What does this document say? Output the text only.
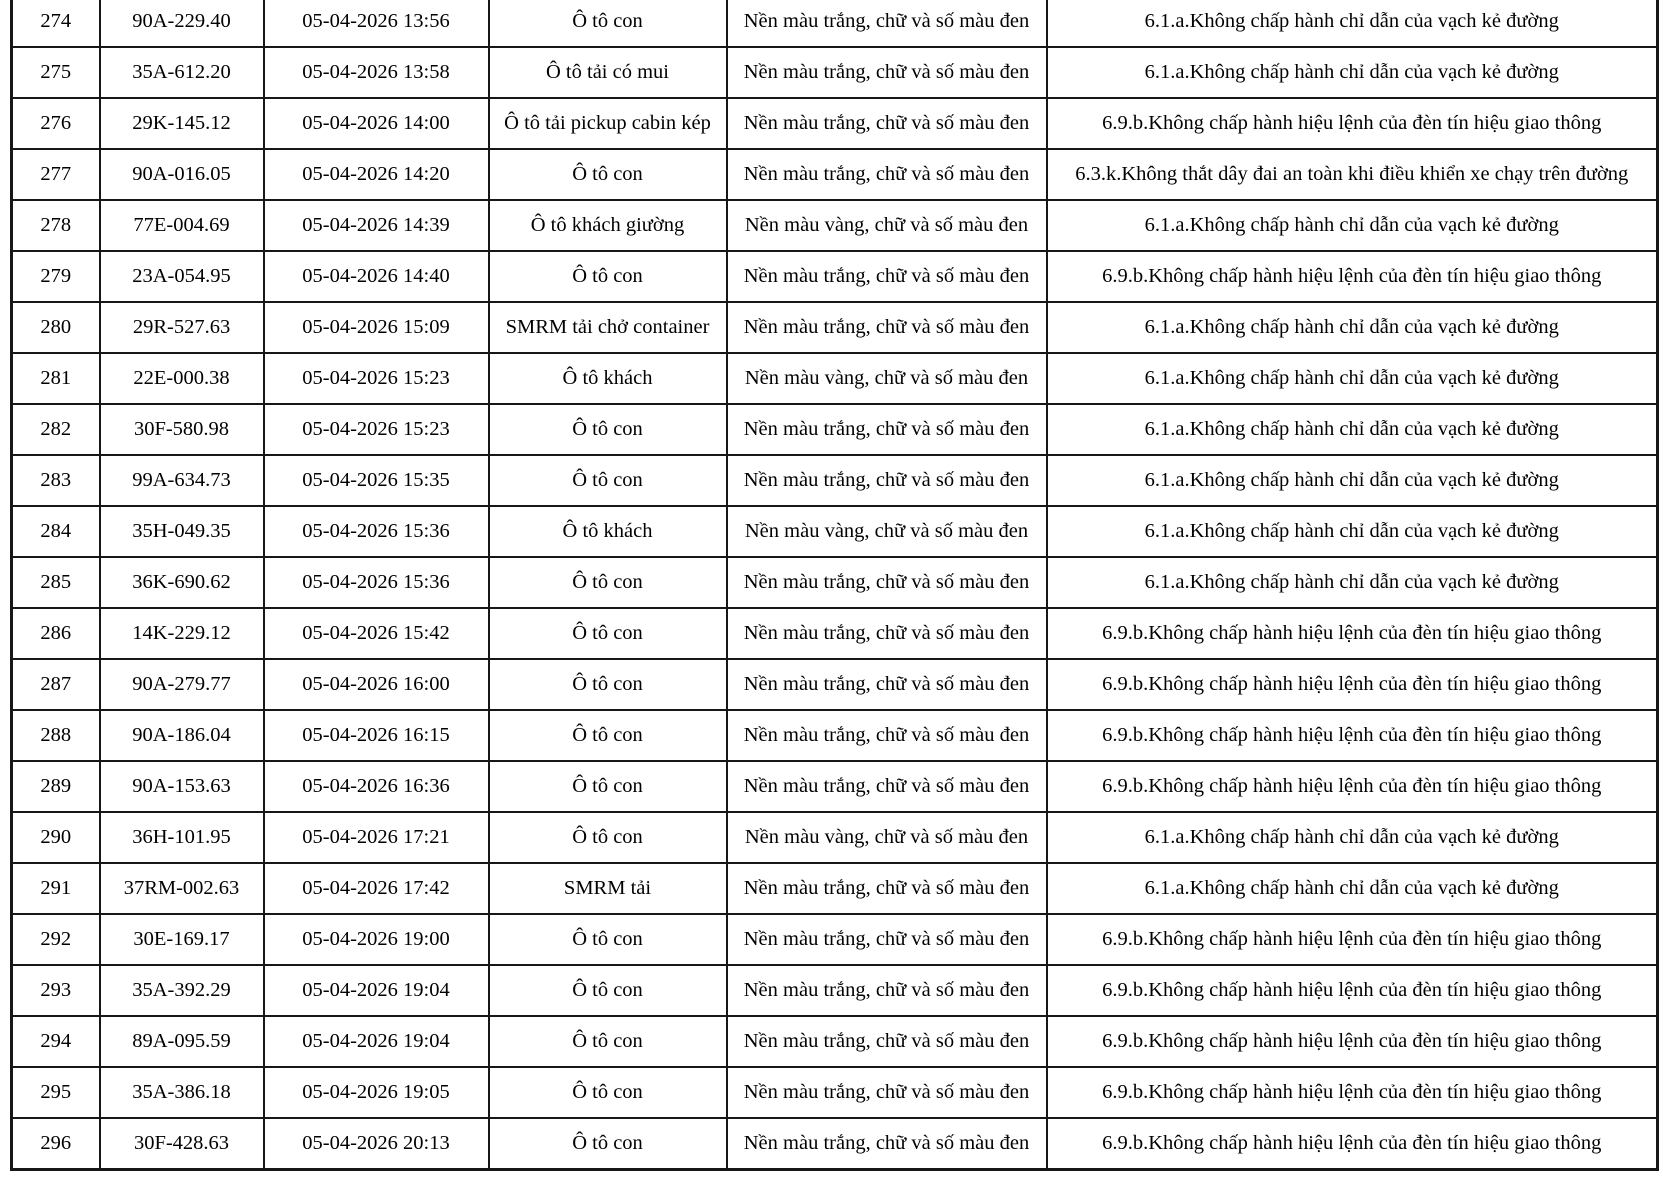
274	90A-229.40	05-04-2026 13:56	Ô tô con	Nền màu trắng, chữ và số màu đen	6.1.a.Không chấp hành chỉ dẫn của vạch kẻ đường
275	35A-612.20	05-04-2026 13:58	Ô tô tải có mui	Nền màu trắng, chữ và số màu đen	6.1.a.Không chấp hành chỉ dẫn của vạch kẻ đường
276	29K-145.12	05-04-2026 14:00	Ô tô tải pickup cabin kép	Nền màu trắng, chữ và số màu đen	6.9.b.Không chấp hành hiệu lệnh của đèn tín hiệu giao thông
277	90A-016.05	05-04-2026 14:20	Ô tô con	Nền màu trắng, chữ và số màu đen	6.3.k.Không thắt dây đai an toàn khi điều khiển xe chạy trên đường
278	77E-004.69	05-04-2026 14:39	Ô tô khách giường	Nền màu vàng, chữ và số màu đen	6.1.a.Không chấp hành chỉ dẫn của vạch kẻ đường
279	23A-054.95	05-04-2026 14:40	Ô tô con	Nền màu trắng, chữ và số màu đen	6.9.b.Không chấp hành hiệu lệnh của đèn tín hiệu giao thông
280	29R-527.63	05-04-2026 15:09	SMRM tải chở container	Nền màu trắng, chữ và số màu đen	6.1.a.Không chấp hành chỉ dẫn của vạch kẻ đường
281	22E-000.38	05-04-2026 15:23	Ô tô khách	Nền màu vàng, chữ và số màu đen	6.1.a.Không chấp hành chỉ dẫn của vạch kẻ đường
282	30F-580.98	05-04-2026 15:23	Ô tô con	Nền màu trắng, chữ và số màu đen	6.1.a.Không chấp hành chỉ dẫn của vạch kẻ đường
283	99A-634.73	05-04-2026 15:35	Ô tô con	Nền màu trắng, chữ và số màu đen	6.1.a.Không chấp hành chỉ dẫn của vạch kẻ đường
284	35H-049.35	05-04-2026 15:36	Ô tô khách	Nền màu vàng, chữ và số màu đen	6.1.a.Không chấp hành chỉ dẫn của vạch kẻ đường
285	36K-690.62	05-04-2026 15:36	Ô tô con	Nền màu trắng, chữ và số màu đen	6.1.a.Không chấp hành chỉ dẫn của vạch kẻ đường
286	14K-229.12	05-04-2026 15:42	Ô tô con	Nền màu trắng, chữ và số màu đen	6.9.b.Không chấp hành hiệu lệnh của đèn tín hiệu giao thông
287	90A-279.77	05-04-2026 16:00	Ô tô con	Nền màu trắng, chữ và số màu đen	6.9.b.Không chấp hành hiệu lệnh của đèn tín hiệu giao thông
288	90A-186.04	05-04-2026 16:15	Ô tô con	Nền màu trắng, chữ và số màu đen	6.9.b.Không chấp hành hiệu lệnh của đèn tín hiệu giao thông
289	90A-153.63	05-04-2026 16:36	Ô tô con	Nền màu trắng, chữ và số màu đen	6.9.b.Không chấp hành hiệu lệnh của đèn tín hiệu giao thông
290	36H-101.95	05-04-2026 17:21	Ô tô con	Nền màu vàng, chữ và số màu đen	6.1.a.Không chấp hành chỉ dẫn của vạch kẻ đường
291	37RM-002.63	05-04-2026 17:42	SMRM tải	Nền màu trắng, chữ và số màu đen	6.1.a.Không chấp hành chỉ dẫn của vạch kẻ đường
292	30E-169.17	05-04-2026 19:00	Ô tô con	Nền màu trắng, chữ và số màu đen	6.9.b.Không chấp hành hiệu lệnh của đèn tín hiệu giao thông
293	35A-392.29	05-04-2026 19:04	Ô tô con	Nền màu trắng, chữ và số màu đen	6.9.b.Không chấp hành hiệu lệnh của đèn tín hiệu giao thông
294	89A-095.59	05-04-2026 19:04	Ô tô con	Nền màu trắng, chữ và số màu đen	6.9.b.Không chấp hành hiệu lệnh của đèn tín hiệu giao thông
295	35A-386.18	05-04-2026 19:05	Ô tô con	Nền màu trắng, chữ và số màu đen	6.9.b.Không chấp hành hiệu lệnh của đèn tín hiệu giao thông
296	30F-428.63	05-04-2026 20:13	Ô tô con	Nền màu trắng, chữ và số màu đen	6.9.b.Không chấp hành hiệu lệnh của đèn tín hiệu giao thông
